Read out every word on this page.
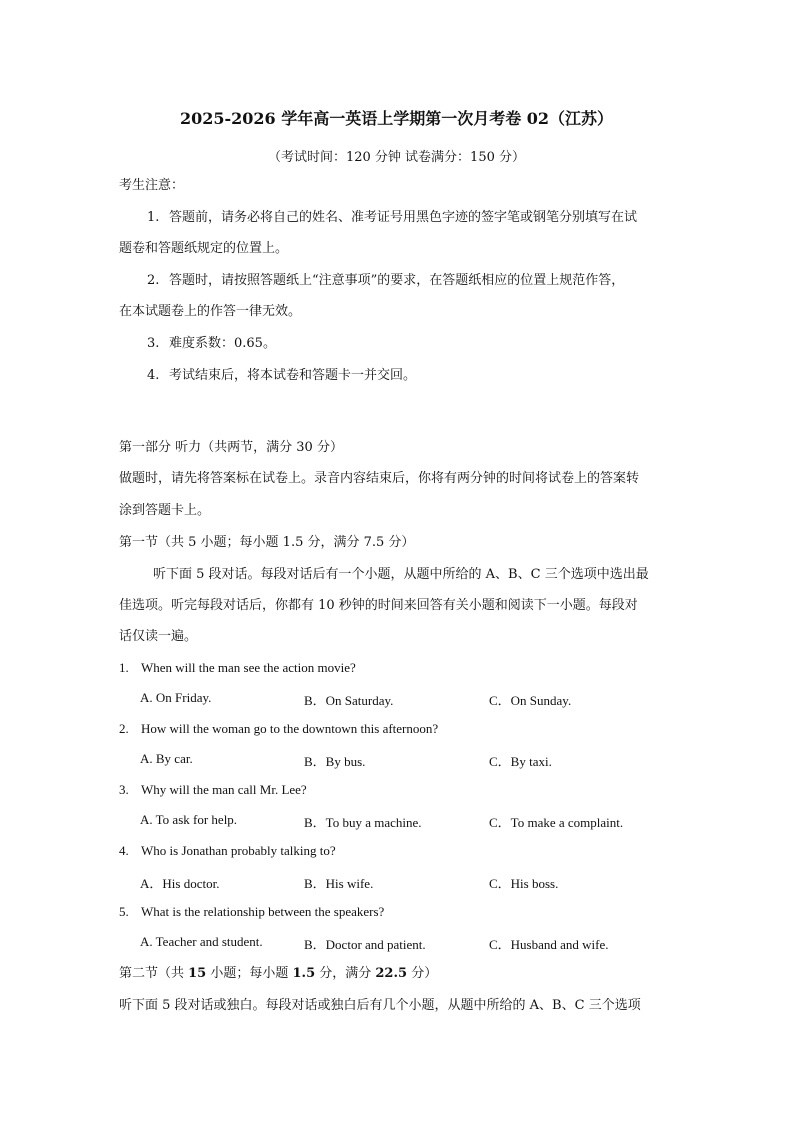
2025-2026 学年高一英语上学期第一次月考卷 02（江苏）
（考试时间：120 分钟 试卷满分：150 分）
考生注意：
1. 答题前，请务必将自己的姓名、准考证号用黑色字迹的签字笔或钢笔分别填写在试
题卷和答题纸规定的位置上。
2. 答题时，请按照答题纸上“注意事项”的要求，在答题纸相应的位置上规范作答，
在本试题卷上的作答一律无效。
3. 难度系数：0.65。
4. 考试结束后，将本试卷和答题卡一并交回。
第一部分 听力（共两节，满分 30 分）
做题时，请先将答案标在试卷上。录音内容结束后，你将有两分钟的时间将试卷上的答案转
涂到答题卡上。
第一节（共 5 小题；每小题 1.5 分，满分 7.5 分）
听下面 5 段对话。每段对话后有一个小题，从题中所给的 A、B、C 三个选项中选出最
佳选项。听完每段对话后，你都有 10 秒钟的时间来回答有关小题和阅读下一小题。每段对
话仅读一遍。
1. When will the man see the action movie?
A. On Friday.	B．On Saturday.	C．On Sunday.
2. How will the woman go to the downtown this afternoon?
A. By car.	B．By bus.	C．By taxi.
3. Why will the man call Mr. Lee?
A. To ask for help.	B．To buy a machine.	C．To make a complaint.
4. Who is Jonathan probably talking to?
A．His doctor.	B．His wife.	C．His boss.
5. What is the relationship between the speakers?
A. Teacher and student.	B．Doctor and patient.	C．Husband and wife.
第二节（共 15 小题；每小题 1.5 分，满分 22.5 分）
听下面 5 段对话或独白。每段对话或独白后有几个小题，从题中所给的 A、B、C 三个选项
